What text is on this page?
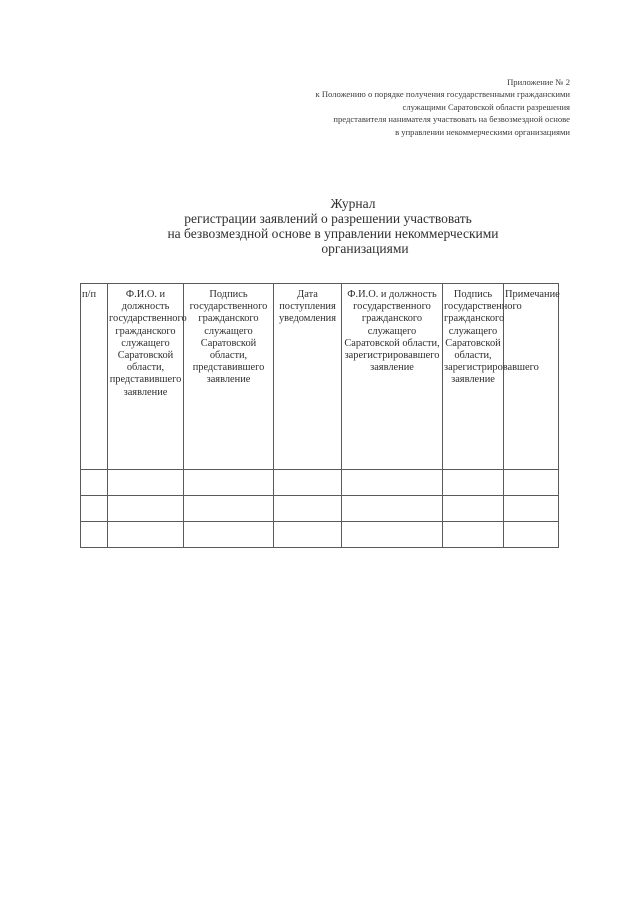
Приложение № 2
к Положению о порядке получения государственными гражданскими
служащими Саратовской области разрешения
представителя нанимателя участвовать на безвозмездной основе
в управлении некоммерческими организациями
Журнал
регистрации заявлений о разрешении участвовать
на безвозмездной основе в управлении некоммерческими
организациями
п/п	Ф.И.О. и должность государственного гражданского служащего Саратовской области, представившего заявление	Подпись государственного гражданского служащего Саратовской области, представившего заявление	Дата поступления уведомления	Ф.И.О. и должность государственного гражданского служащего Саратовской области, зарегистрировавшего заявление	Подпись государственного гражданского служащего Саратовской области, зарегистрировавшего заявление	Примечание
